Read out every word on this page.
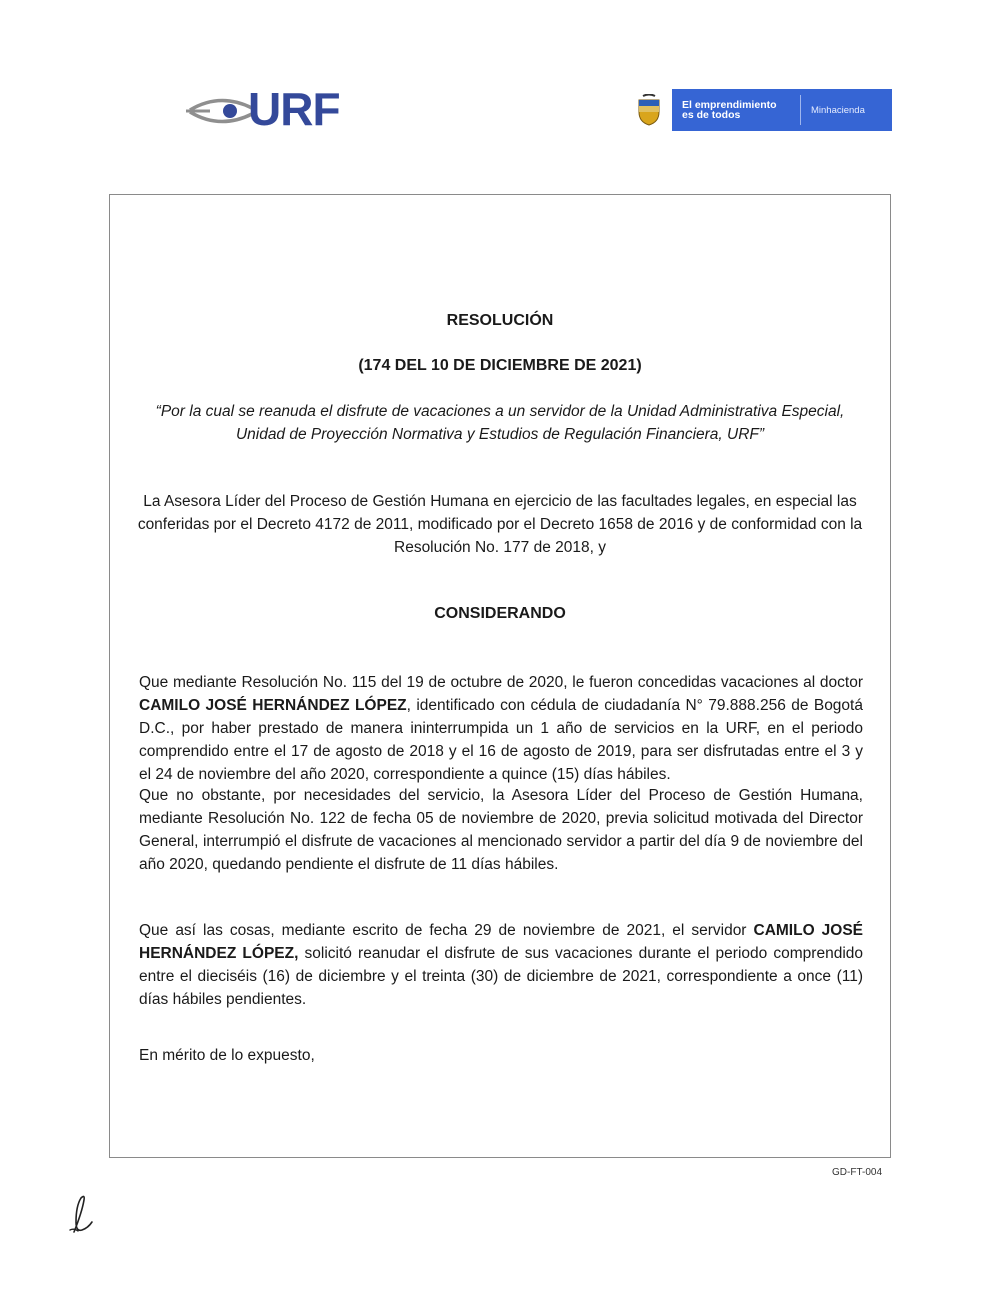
URF	El emprendimiento
es de todos	Minhacienda
RESOLUCIÓN
(174 DEL 10 DE DICIEMBRE DE 2021)
“Por la cual se reanuda el disfrute de vacaciones a un servidor de la Unidad Administrativa Especial,
Unidad de Proyección Normativa y Estudios de Regulación Financiera, URF”
La Asesora Líder del Proceso de Gestión Humana en ejercicio de las facultades legales, en especial las conferidas por el Decreto 4172 de 2011, modificado por el Decreto 1658 de 2016 y de conformidad con la Resolución No. 177 de 2018, y
CONSIDERANDO

Que mediante Resolución No. 115 del 19 de octubre de 2020, le fueron concedidas vacaciones al doctor CAMILO JOSÉ HERNÁNDEZ LÓPEZ, identificado con cédula de ciudadanía N° 79.888.256 de Bogotá D.C., por haber prestado de manera ininterrumpida un 1 año de servicios en la URF, en el periodo comprendido entre el 17 de agosto de 2018 y el 16 de agosto de 2019, para ser disfrutadas entre el 3 y el 24 de noviembre del año 2020, correspondiente a quince (15) días hábiles.

Que no obstante, por necesidades del servicio, la Asesora Líder del Proceso de Gestión Humana, mediante Resolución No. 122 de fecha 05 de noviembre de 2020, previa solicitud motivada del Director General, interrumpió el disfrute de vacaciones al mencionado servidor a partir del día 9 de noviembre del año 2020, quedando pendiente el disfrute de 11 días hábiles.

Que así las cosas, mediante escrito de fecha 29 de noviembre de 2021, el servidor CAMILO JOSÉ HERNÁNDEZ LÓPEZ, solicitó reanudar el disfrute de sus vacaciones durante el periodo comprendido entre el dieciséis (16) de diciembre y el treinta (30) de diciembre de 2021, correspondiente a once (11) días hábiles pendientes.

En mérito de lo expuesto,
GD-FT-004
